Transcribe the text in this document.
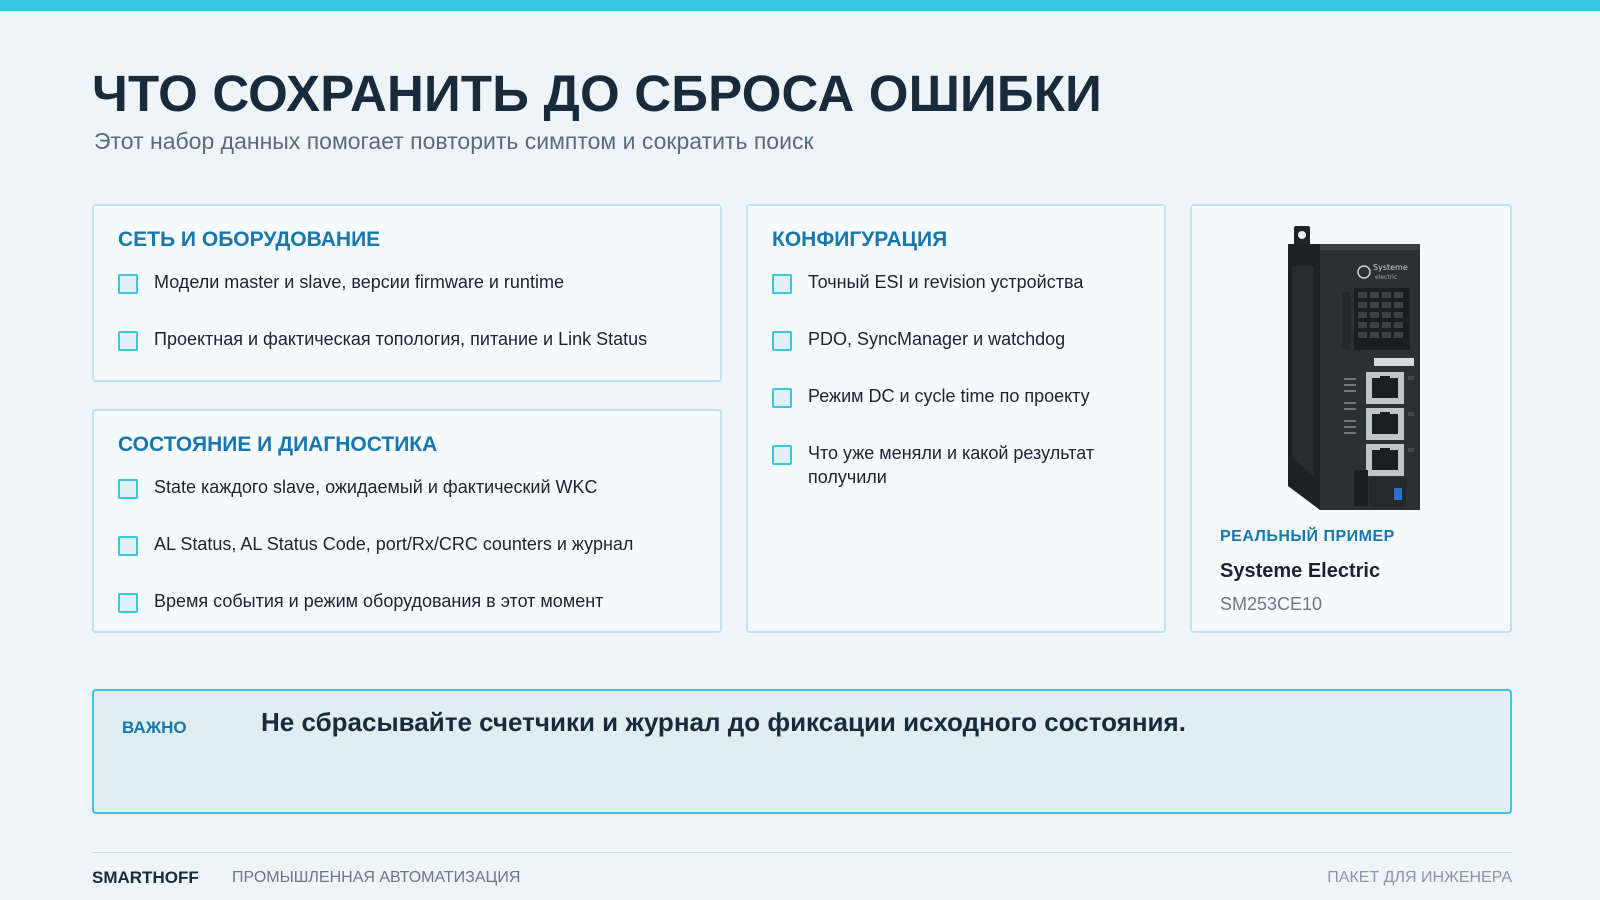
ЧТО СОХРАНИТЬ ДО СБРОСА ОШИБКИ
Этот набор данных помогает повторить симптом и сократить поиск
СЕТЬ И ОБОРУДОВАНИЕ
Модели master и slave, версии firmware и runtime
Проектная и фактическая топология, питание и Link Status
СОСТОЯНИЕ И ДИАГНОСТИКА
State каждого slave, ожидаемый и фактический WKC
AL Status, AL Status Code, port/Rx/CRC counters и журнал
Время события и режим оборудования в этот момент
КОНФИГУРАЦИЯ
Точный ESI и revision устройства
PDO, SyncManager и watchdog
Режим DC и cycle time по проекту
Что уже меняли и какой результат получили
Systeme
electric
РЕАЛЬНЫЙ ПРИМЕР
Systeme Electric
SM253CE10
ВАЖНО	Не сбрасывайте счетчики и журнал до фиксации исходного состояния.
SMARTHOFF ПРОМЫШЛЕННАЯ АВТОМАТИЗАЦИЯ	ПАКЕТ ДЛЯ ИНЖЕНЕРА
